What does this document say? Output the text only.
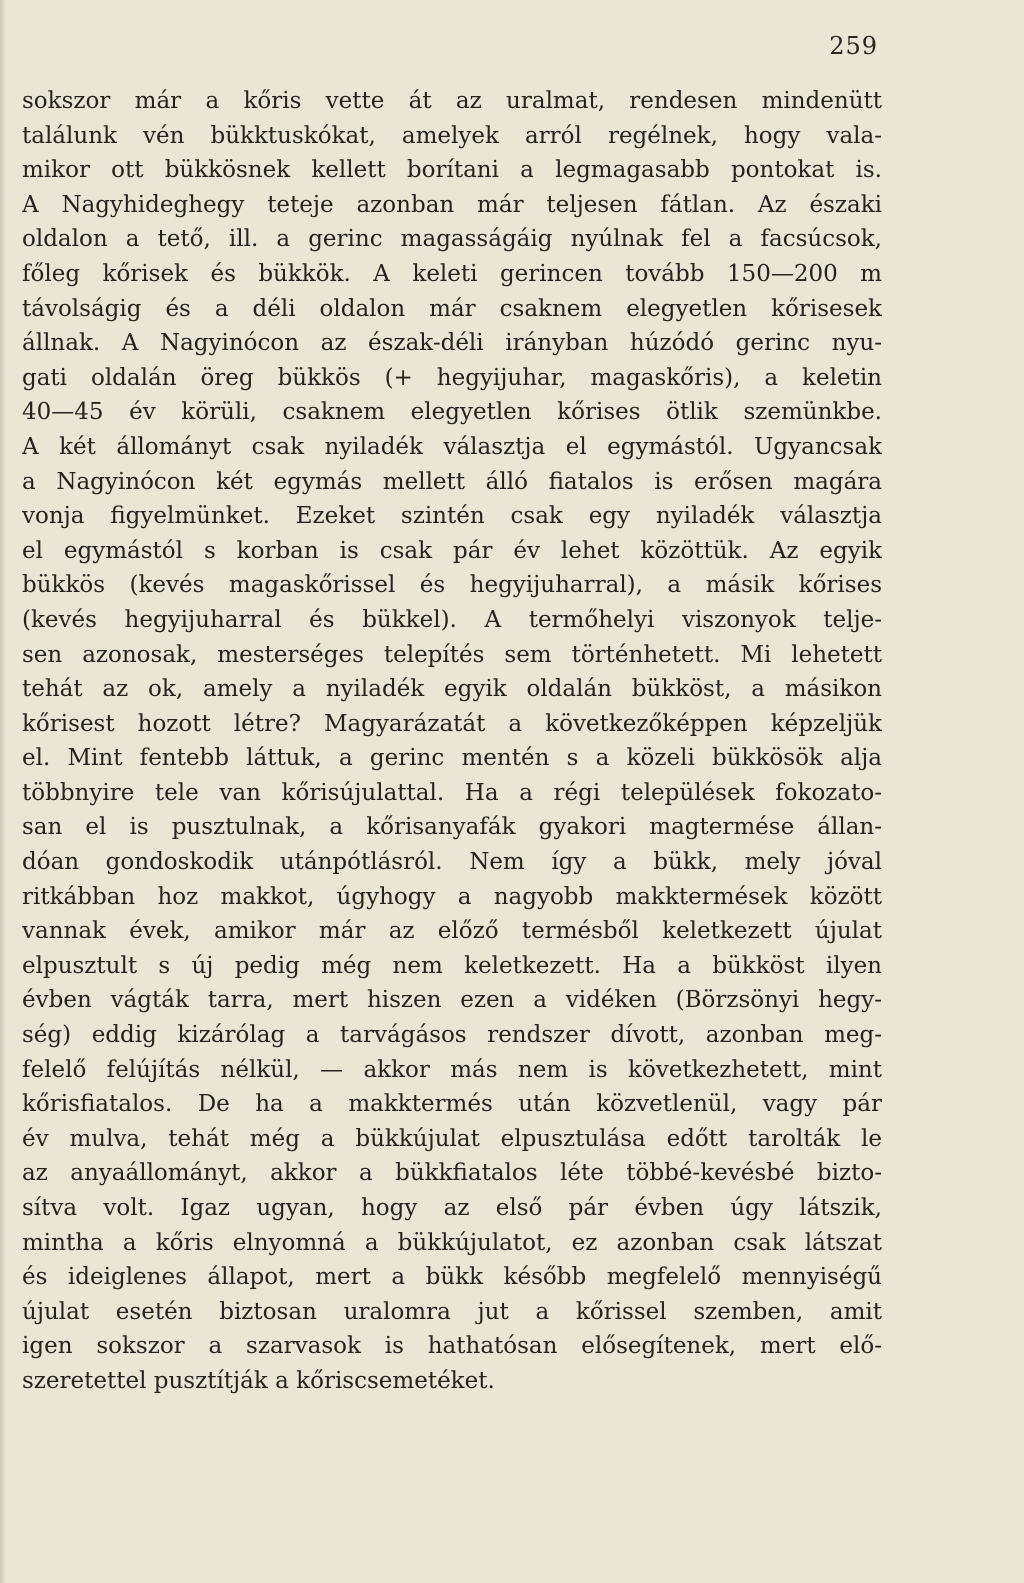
259
sokszor már a kőris vette át az uralmat, rendesen mindenütt
találunk vén bükktuskókat, amelyek arról regélnek, hogy vala-
mikor ott bükkösnek kellett borítani a legmagasabb pontokat is.
A Nagyhideghegy teteje azonban már teljesen fátlan. Az északi
oldalon a tető, ill. a gerinc magasságáig nyúlnak fel a facsúcsok,
főleg kőrisek és bükkök. A keleti gerincen tovább 150—200 m
távolságig és a déli oldalon már csaknem elegyetlen kőrisesek
állnak. A Nagyinócon az észak-déli irányban húzódó gerinc nyu-
gati oldalán öreg bükkös (+ hegyijuhar, magaskőris), a keletin
40—45 év körüli, csaknem elegyetlen kőrises ötlik szemünkbe.
A két állományt csak nyiladék választja el egymástól. Ugyancsak
a Nagyinócon két egymás mellett álló fiatalos is erősen magára
vonja figyelmünket. Ezeket szintén csak egy nyiladék választja
el egymástól s korban is csak pár év lehet közöttük. Az egyik
bükkös (kevés magaskőrissel és hegyijuharral), a másik kőrises
(kevés hegyijuharral és bükkel). A termőhelyi viszonyok telje-
sen azonosak, mesterséges telepítés sem történhetett. Mi lehetett
tehát az ok, amely a nyiladék egyik oldalán bükköst, a másikon
kőrisest hozott létre? Magyarázatát a következőképpen képzeljük
el. Mint fentebb láttuk, a gerinc mentén s a közeli bükkösök alja
többnyire tele van kőrisújulattal. Ha a régi települések fokozato-
san el is pusztulnak, a kőrisanyafák gyakori magtermése állan-
dóan gondoskodik utánpótlásról. Nem így a bükk, mely jóval
ritkábban hoz makkot, úgyhogy a nagyobb makktermések között
vannak évek, amikor már az előző termésből keletkezett újulat
elpusztult s új pedig még nem keletkezett. Ha a bükköst ilyen
évben vágták tarra, mert hiszen ezen a vidéken (Börzsönyi hegy-
ség) eddig kizárólag a tarvágásos rendszer dívott, azonban meg-
felelő felújítás nélkül, — akkor más nem is következhetett, mint
kőrisfiatalos. De ha a makktermés után közvetlenül, vagy pár
év mulva, tehát még a bükkújulat elpusztulása edőtt tarolták le
az anyaállományt, akkor a bükkfiatalos léte többé-kevésbé bizto-
sítva volt. Igaz ugyan, hogy az első pár évben úgy látszik,
mintha a kőris elnyomná a bükkújulatot, ez azonban csak látszat
és ideiglenes állapot, mert a bükk később megfelelő mennyiségű
újulat esetén biztosan uralomra jut a kőrissel szemben, amit
igen sokszor a szarvasok is hathatósan elősegítenek, mert elő-
szeretettel pusztítják a kőriscsemetéket.
